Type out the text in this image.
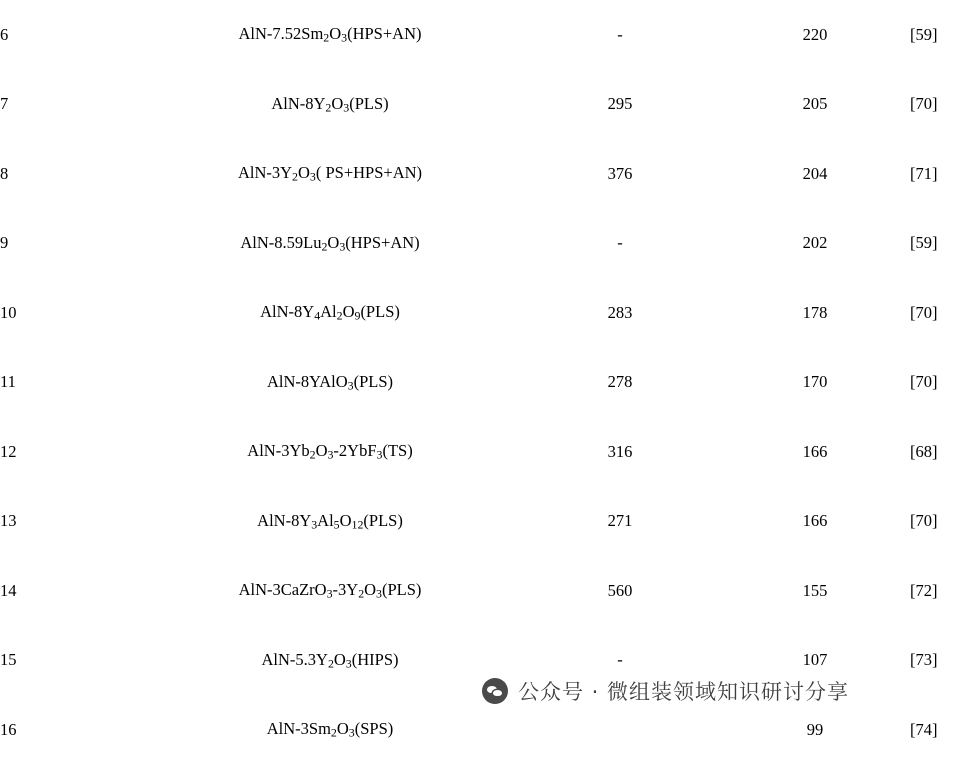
6	AlN-$7.52Sm_2O_3(HPS+AN)$	-	220	[59]
7	AlN-$8Y_2O_3(PLS)$	295	205	[70]
8	AlN-$3Y_2O_3$( PS+HPS+AN)	376	204	[71]
9	AlN-$8.59Lu_2O_3(HPS+AN)$	-	202	[59]
10	AlN-$8Y_4Al_2O_9(PLS)$	283	178	[70]
11	AlN-8YAlO$_3$(PLS)	278	170	[70]
12	AlN-$3Yb_2O_3-2YbF_3(TS)$	316	166	[68]
13	AlN-$8Y_3Al_5O_{12}(PLS)$	271	166	[70]
14	AlN-$3CaZrO_3-3Y_2O_3(PLS)$	560	155	[72]
15	AlN-$5.3Y_2O_3(HIPS)$	-	107	[73]
16	AlN-$3Sm_2O_3(SPS)$		99	[74]
公众号 · 微组装领域知识研讨分享
